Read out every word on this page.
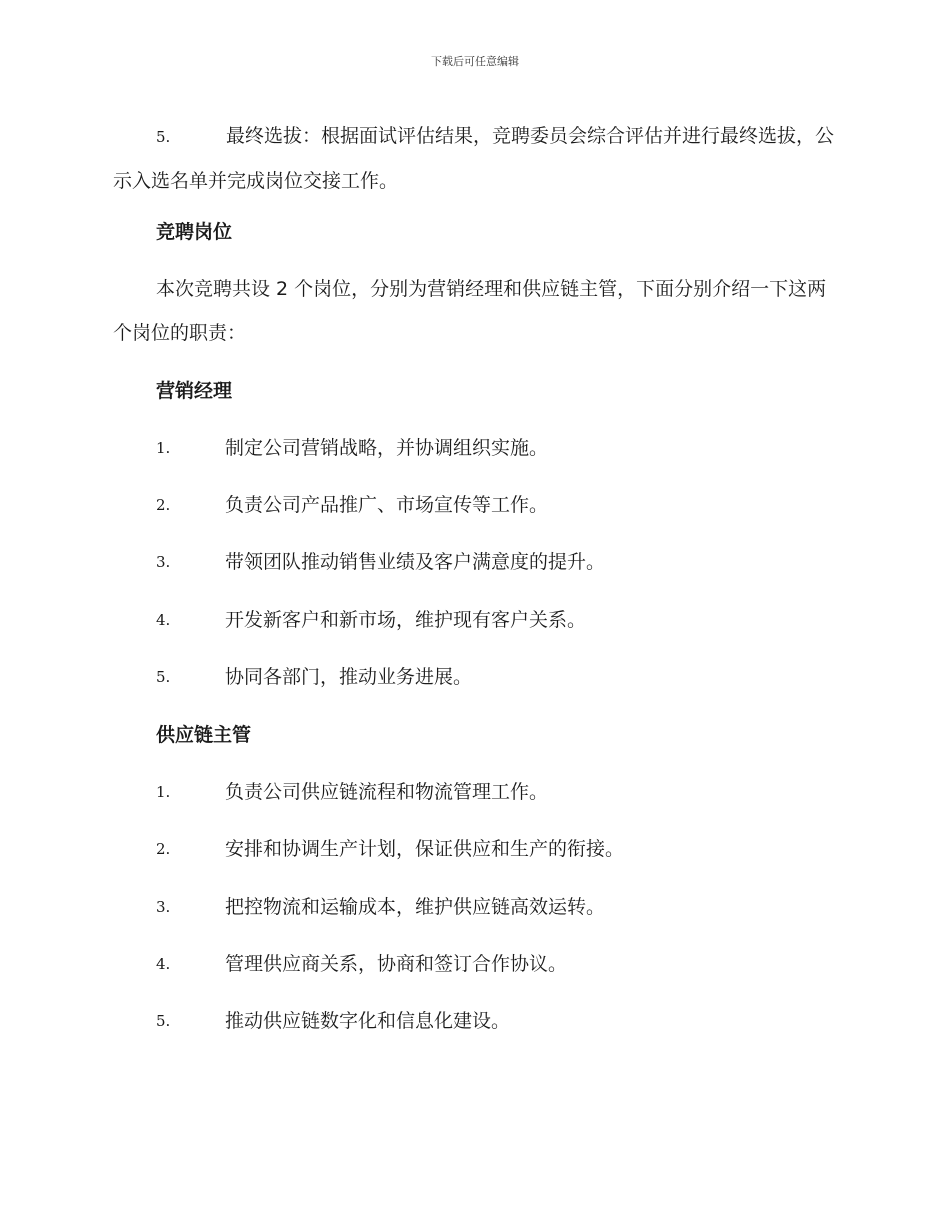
下载后可任意编辑
5.	最终选拔：根据面试评估结果，竞聘委员会综合评估并进行最终选拔，公示入选名单并完成岗位交接工作。
竞聘岗位
本次竞聘共设 2 个岗位，分别为营销经理和供应链主管，下面分别介绍一下这两个岗位的职责：
营销经理
1.	制定公司营销战略，并协调组织实施。
2.	负责公司产品推广、市场宣传等工作。
3.	带领团队推动销售业绩及客户满意度的提升。
4.	开发新客户和新市场，维护现有客户关系。
5.	协同各部门，推动业务进展。
供应链主管
1.	负责公司供应链流程和物流管理工作。
2.	安排和协调生产计划，保证供应和生产的衔接。
3.	把控物流和运输成本，维护供应链高效运转。
4.	管理供应商关系，协商和签订合作协议。
5.	推动供应链数字化和信息化建设。
